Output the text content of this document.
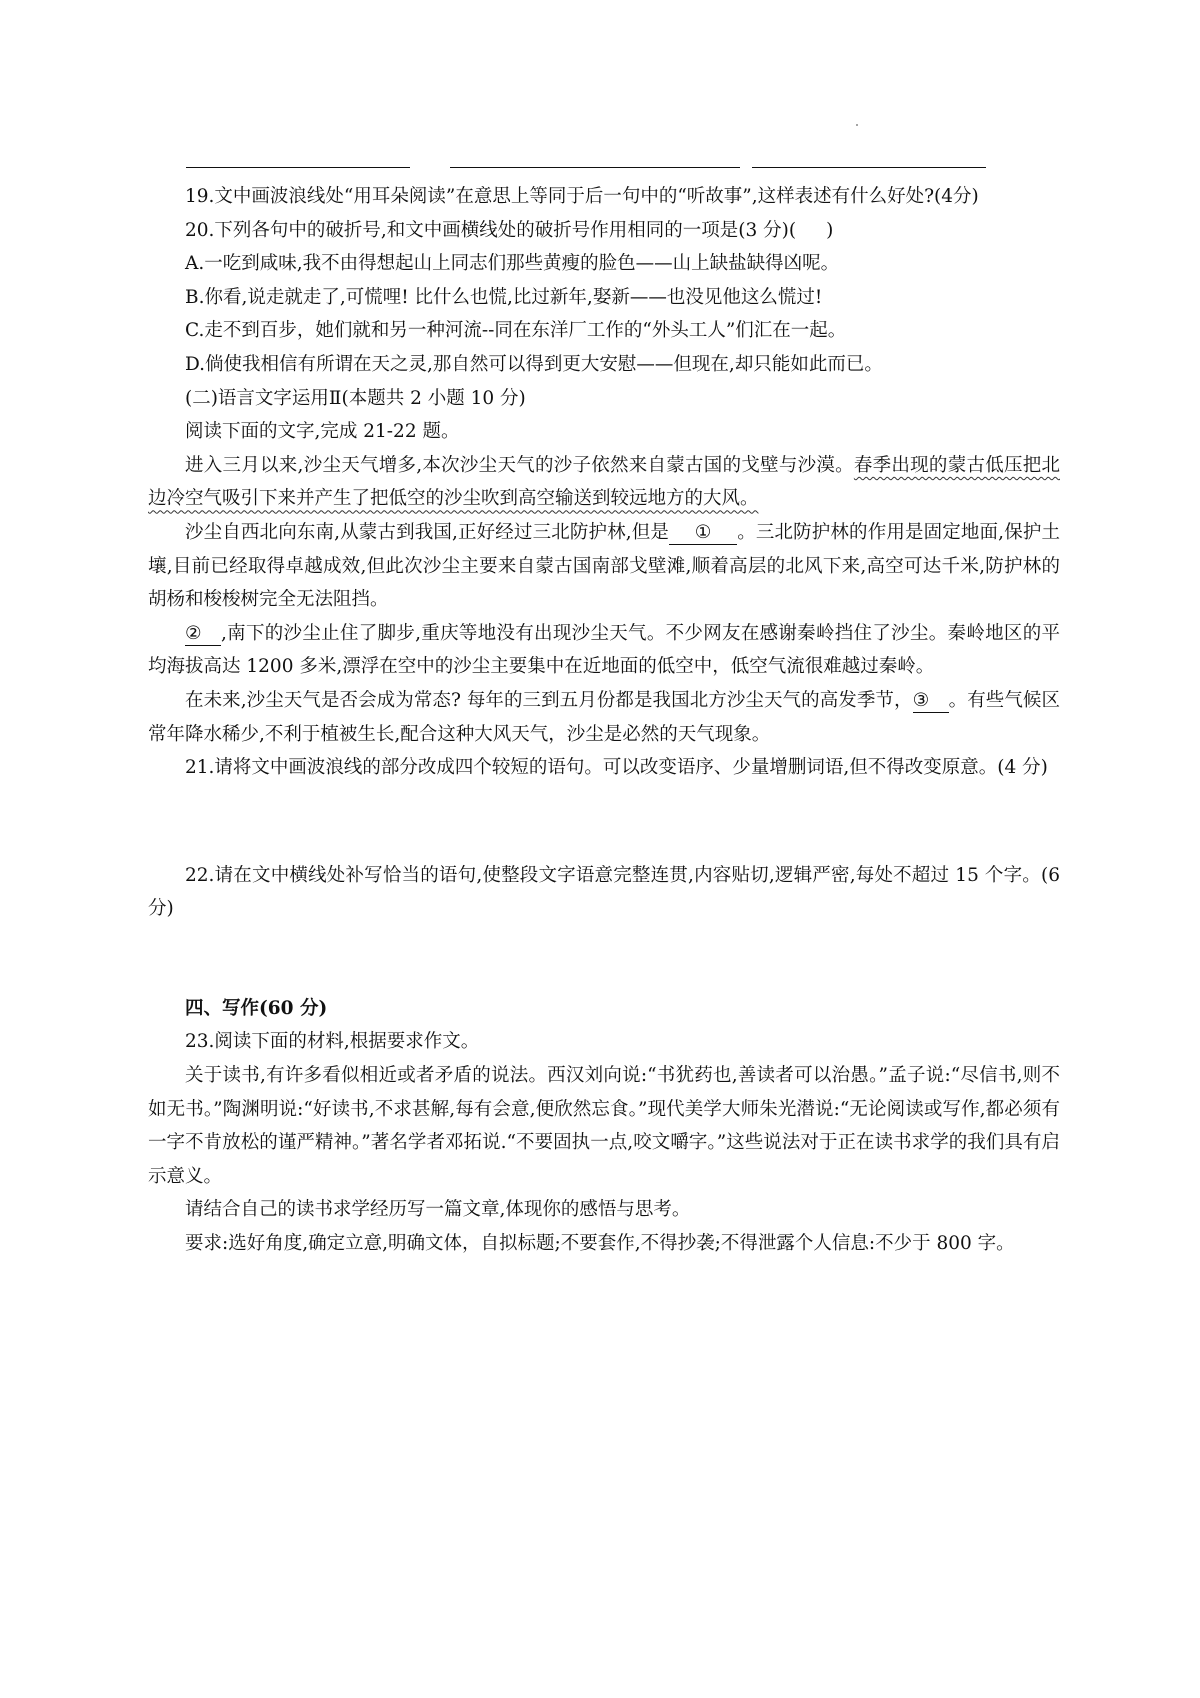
19.文中画波浪线处“用耳朵阅读”在意思上等同于后一句中的“听故事”,这样表述有什么好处?(4分)

20.下列各句中的破折号,和文中画横线处的破折号作用相同的一项是(3 分)( )

A.一吃到咸味,我不由得想起山上同志们那些黄瘦的脸色——山上缺盐缺得凶呢。

B.你看,说走就走了,可慌哩! 比什么也慌,比过新年,娶新——也没见他这么慌过!

C.走不到百步，她们就和另一种河流--同在东洋厂工作的“外头工人”们汇在一起。

D.倘使我相信有所谓在天之灵,那自然可以得到更大安慰——但现在,却只能如此而已。

(二)语言文字运用Ⅱ(本题共 2 小题 10 分)

阅读下面的文字,完成 21-22 题。

进入三月以来,沙尘天气增多,本次沙尘天气的沙子依然来自蒙古国的戈壁与沙漠。春季出现的蒙古低压把北边冷空气吸引下来并产生了把低空的沙尘吹到高空输送到较远地方的大风。

沙尘自西北向东南,从蒙古到我国,正好经过三北防护林,但是 ① 。三北防护林的作用是固定地面,保护土壤,目前已经取得卓越成效,但此次沙尘主要来自蒙古国南部戈壁滩,顺着高层的北风下来,高空可达千米,防护林的胡杨和梭梭树完全无法阻挡。

② ,南下的沙尘止住了脚步,重庆等地没有出现沙尘天气。不少网友在感谢秦岭挡住了沙尘。秦岭地区的平均海拔高达 1200 多米,漂浮在空中的沙尘主要集中在近地面的低空中，低空气流很难越过秦岭。

在未来,沙尘天气是否会成为常态? 每年的三到五月份都是我国北方沙尘天气的高发季节，③ 。有些气候区常年降水稀少,不利于植被生长,配合这种大风天气，沙尘是必然的天气现象。

21.请将文中画波浪线的部分改成四个较短的语句。可以改变语序、少量增删词语,但不得改变原意。(4 分)

22.请在文中横线处补写恰当的语句,使整段文字语意完整连贯,内容贴切,逻辑严密,每处不超过 15 个字。(6 分)

四、写作(60 分)

23.阅读下面的材料,根据要求作文。

关于读书,有许多看似相近或者矛盾的说法。西汉刘向说:“书犹药也,善读者可以治愚。”孟子说:“尽信书,则不如无书。”陶渊明说:“好读书,不求甚解,每有会意,便欣然忘食。”现代美学大师朱光潜说:“无论阅读或写作,都必须有一字不肯放松的谨严精神。”著名学者邓拓说.“不要固执一点,咬文嚼字。”这些说法对于正在读书求学的我们具有启示意义。

请结合自己的读书求学经历写一篇文章,体现你的感悟与思考。

要求:选好角度,确定立意,明确文体，自拟标题;不要套作,不得抄袭;不得泄露个人信息:不少于 800 字。
